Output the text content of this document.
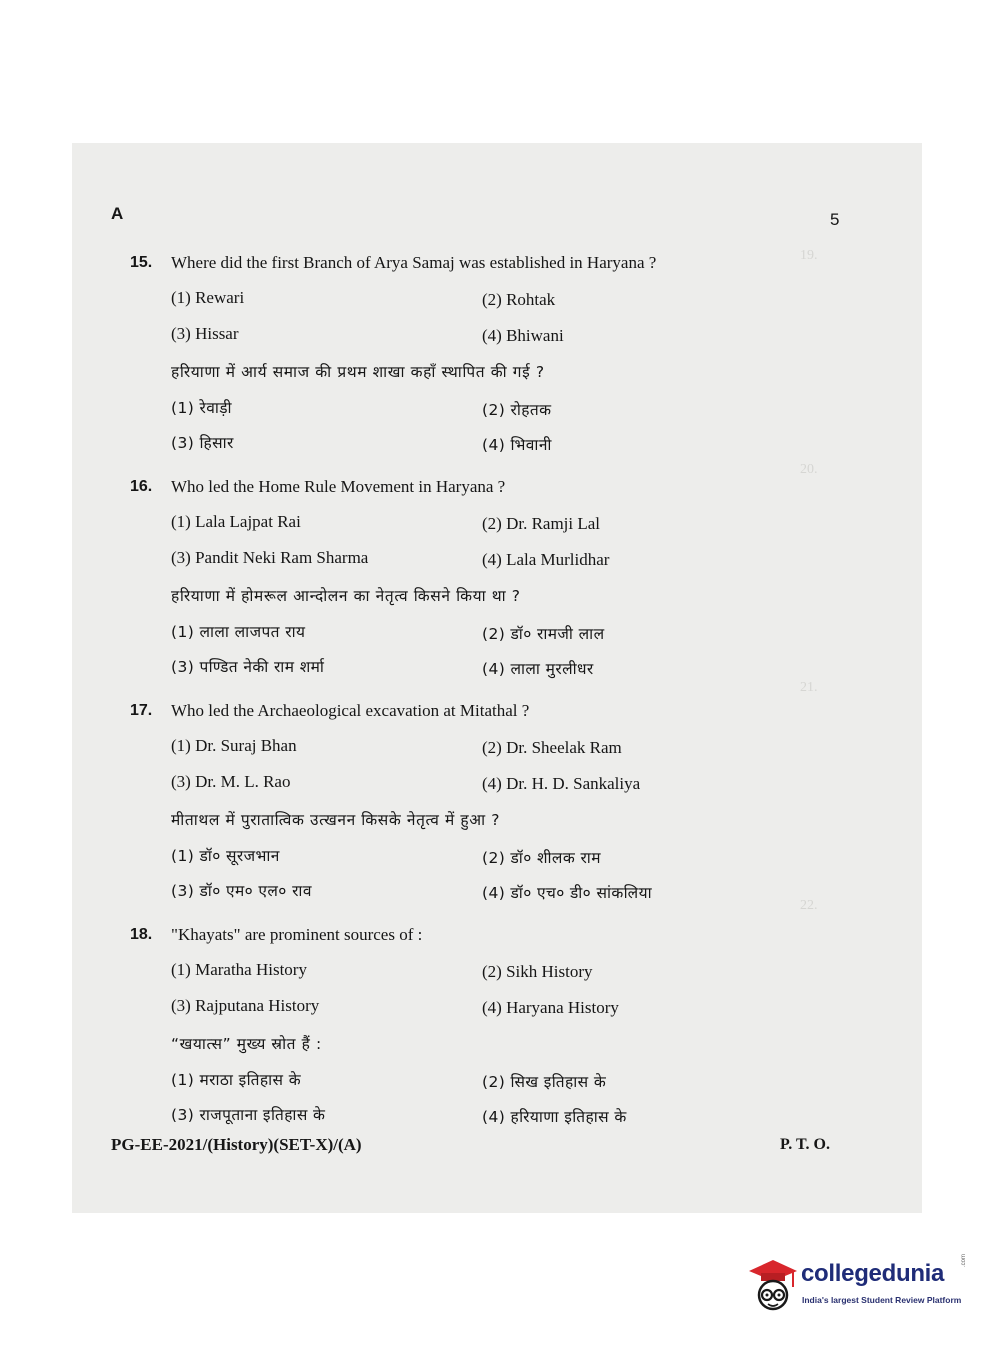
19.
20.
21.
22.
A	5
15. Where did the first Branch of Arya Samaj was established in Haryana ?
(1) Rewari	(2) Rohtak
(3) Hissar	(4) Bhiwani
हरियाणा में आर्य समाज की प्रथम शाखा कहाँ स्थापित की गई ?
(1) रेवाड़ी	(2) रोहतक
(3) हिसार	(4) भिवानी
16. Who led the Home Rule Movement in Haryana ?
(1) Lala Lajpat Rai	(2) Dr. Ramji Lal
(3) Pandit Neki Ram Sharma	(4) Lala Murlidhar
हरियाणा में होमरूल आन्दोलन का नेतृत्व किसने किया था ?
(1) लाला लाजपत राय	(2) डॉ० रामजी लाल
(3) पण्डित नेकी राम शर्मा	(4) लाला मुरलीधर
17. Who led the Archaeological excavation at Mitathal ?
(1) Dr. Suraj Bhan	(2) Dr. Sheelak Ram
(3) Dr. M. L. Rao	(4) Dr. H. D. Sankaliya
मीताथल में पुरातात्विक उत्खनन किसके नेतृत्व में हुआ ?
(1) डॉ० सूरजभान	(2) डॉ० शीलक राम
(3) डॉ० एम० एल० राव	(4) डॉ० एच० डी० सांकलिया
18. "Khayats" are prominent sources of :
(1) Maratha History	(2) Sikh History
(3) Rajputana History	(4) Haryana History
“खयात्स” मुख्य स्रोत हैं :
(1) मराठा इतिहास के	(2) सिख इतिहास के
(3) राजपूताना इतिहास के	(4) हरियाणा इतिहास के
PG-EE-2021/(History)(SET-X)/(A)	P. T. O.
collegedunia	.com
India's largest Student Review Platform
